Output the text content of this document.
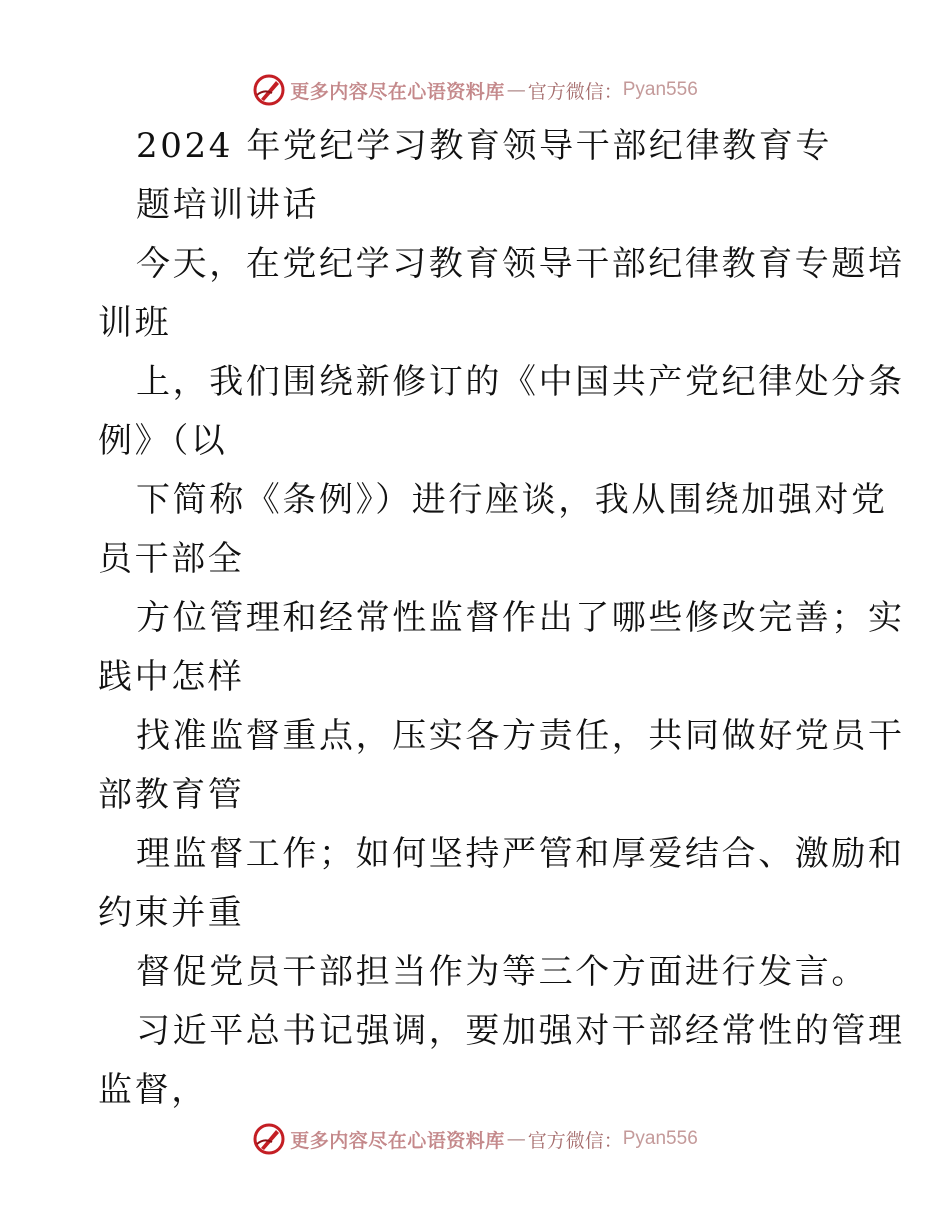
更多内容尽在心语资料库 — 官方微信： Pyan556

2024 年党纪学习教育领导干部纪律教育专

题培训讲话

今天，在党纪学习教育领导干部纪律教育专题培

训班

上，我们围绕新修订的《中国共产党纪律处分条

例》（以

下简称《条例》）进行座谈，我从围绕加强对党

员干部全

方位管理和经常性监督作出了哪些修改完善；实

践中怎样

找准监督重点，压实各方责任，共同做好党员干

部教育管

理监督工作；如何坚持严管和厚爱结合、激励和

约束并重

督促党员干部担当作为等三个方面进行发言。

习近平总书记强调，要加强对干部经常性的管理

监督，

更多内容尽在心语资料库 — 官方微信： Pyan556
